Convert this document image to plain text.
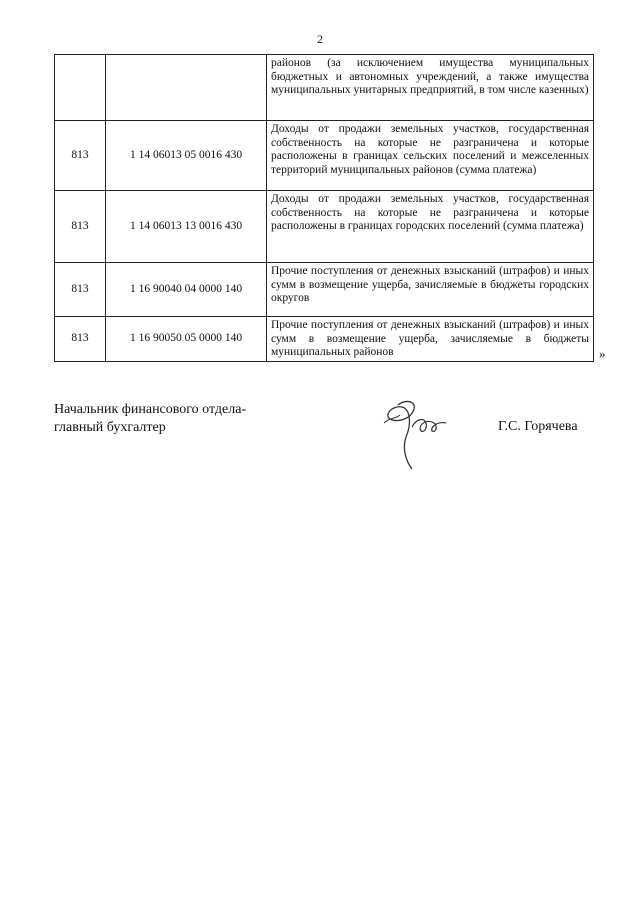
2
		районов (за исключением имущества муниципальных бюджетных и автономных учреждений, а также имущества муниципальных унитарных предприятий, в том числе казенных)
813	1 14 06013 05 0016 430	Доходы от продажи земельных участков, государственная собственность на которые не разграничена и которые расположены в границах сельских поселений и межселенных территорий муниципальных районов (сумма платежа)
813	1 14 06013 13 0016 430	Доходы от продажи земельных участков, государственная собственность на которые не разграничена и которые расположены в границах городских поселений (сумма платежа)
813	1 16 90040 04 0000 140	Прочие поступления от денежных взысканий (штрафов) и иных сумм в возмещение ущерба, зачисляемые в бюджеты городских округов
813	1 16 90050 05 0000 140	Прочие поступления от денежных взысканий (штрафов) и иных сумм в возмещение ущерба, зачисляемые в бюджеты муниципальных районов	»
Начальник финансового отдела-
главный бухгалтер	Г.С. Горячева
